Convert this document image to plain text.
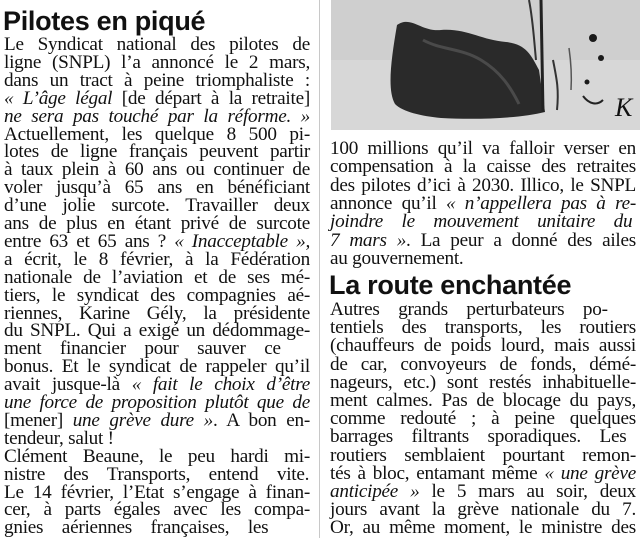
Pilotes en piqué
Le Syndicat national des pilotes de
ligne (SNPL) l’a annoncé le 2 mars,
dans un tract à peine triomphaliste :
« L’âge légal [de départ à la retraite]
ne sera pas touché par la réforme. »
Actuellement, les quelque 8 500 pi-
lotes de ligne français peuvent partir
à taux plein à 60 ans ou continuer de
voler jusqu’à 65 ans en bénéficiant
d’une jolie surcote. Travailler deux
ans de plus en étant privé de surcote
entre 63 et 65 ans ? « Inacceptable »,
a écrit, le 8 février, à la Fédération
nationale de l’aviation et de ses mé-
tiers, le syndicat des compagnies aé-
riennes, Karine Gély, la présidente
du SNPL. Qui a exigé un dédommage-
ment financier pour sauver ce
bonus. Et le syndicat de rappeler qu’il
avait jusque-là « fait le choix d’être
une force de proposition plutôt que de
[mener] une grève dure ». A bon en-
tendeur, salut !
Clément Beaune, le peu hardi mi-
nistre des Transports, entend vite.
Le 14 février, l’Etat s’engage à finan-
cer, à parts égales avec les compa-
gnies aériennes françaises, les
K
100 millions qu’il va falloir verser en
compensation à la caisse des retraites
des pilotes d’ici à 2030. Illico, le SNPL
annonce qu’il « n’appellera pas à re-
joindre le mouvement unitaire du
7 mars ». La peur a donné des ailes
au gouvernement.
La route enchantée
Autres grands perturbateurs po-
tentiels des transports, les routiers
(chauffeurs de poids lourd, mais aussi
de car, convoyeurs de fonds, démé-
nageurs, etc.) sont restés inhabituelle-
ment calmes. Pas de blocage du pays,
comme redouté ; à peine quelques
barrages filtrants sporadiques. Les
routiers semblaient pourtant remon-
tés à bloc, entamant même « une grève
anticipée » le 5 mars au soir, deux
jours avant la grève nationale du 7.
Or, au même moment, le ministre des
